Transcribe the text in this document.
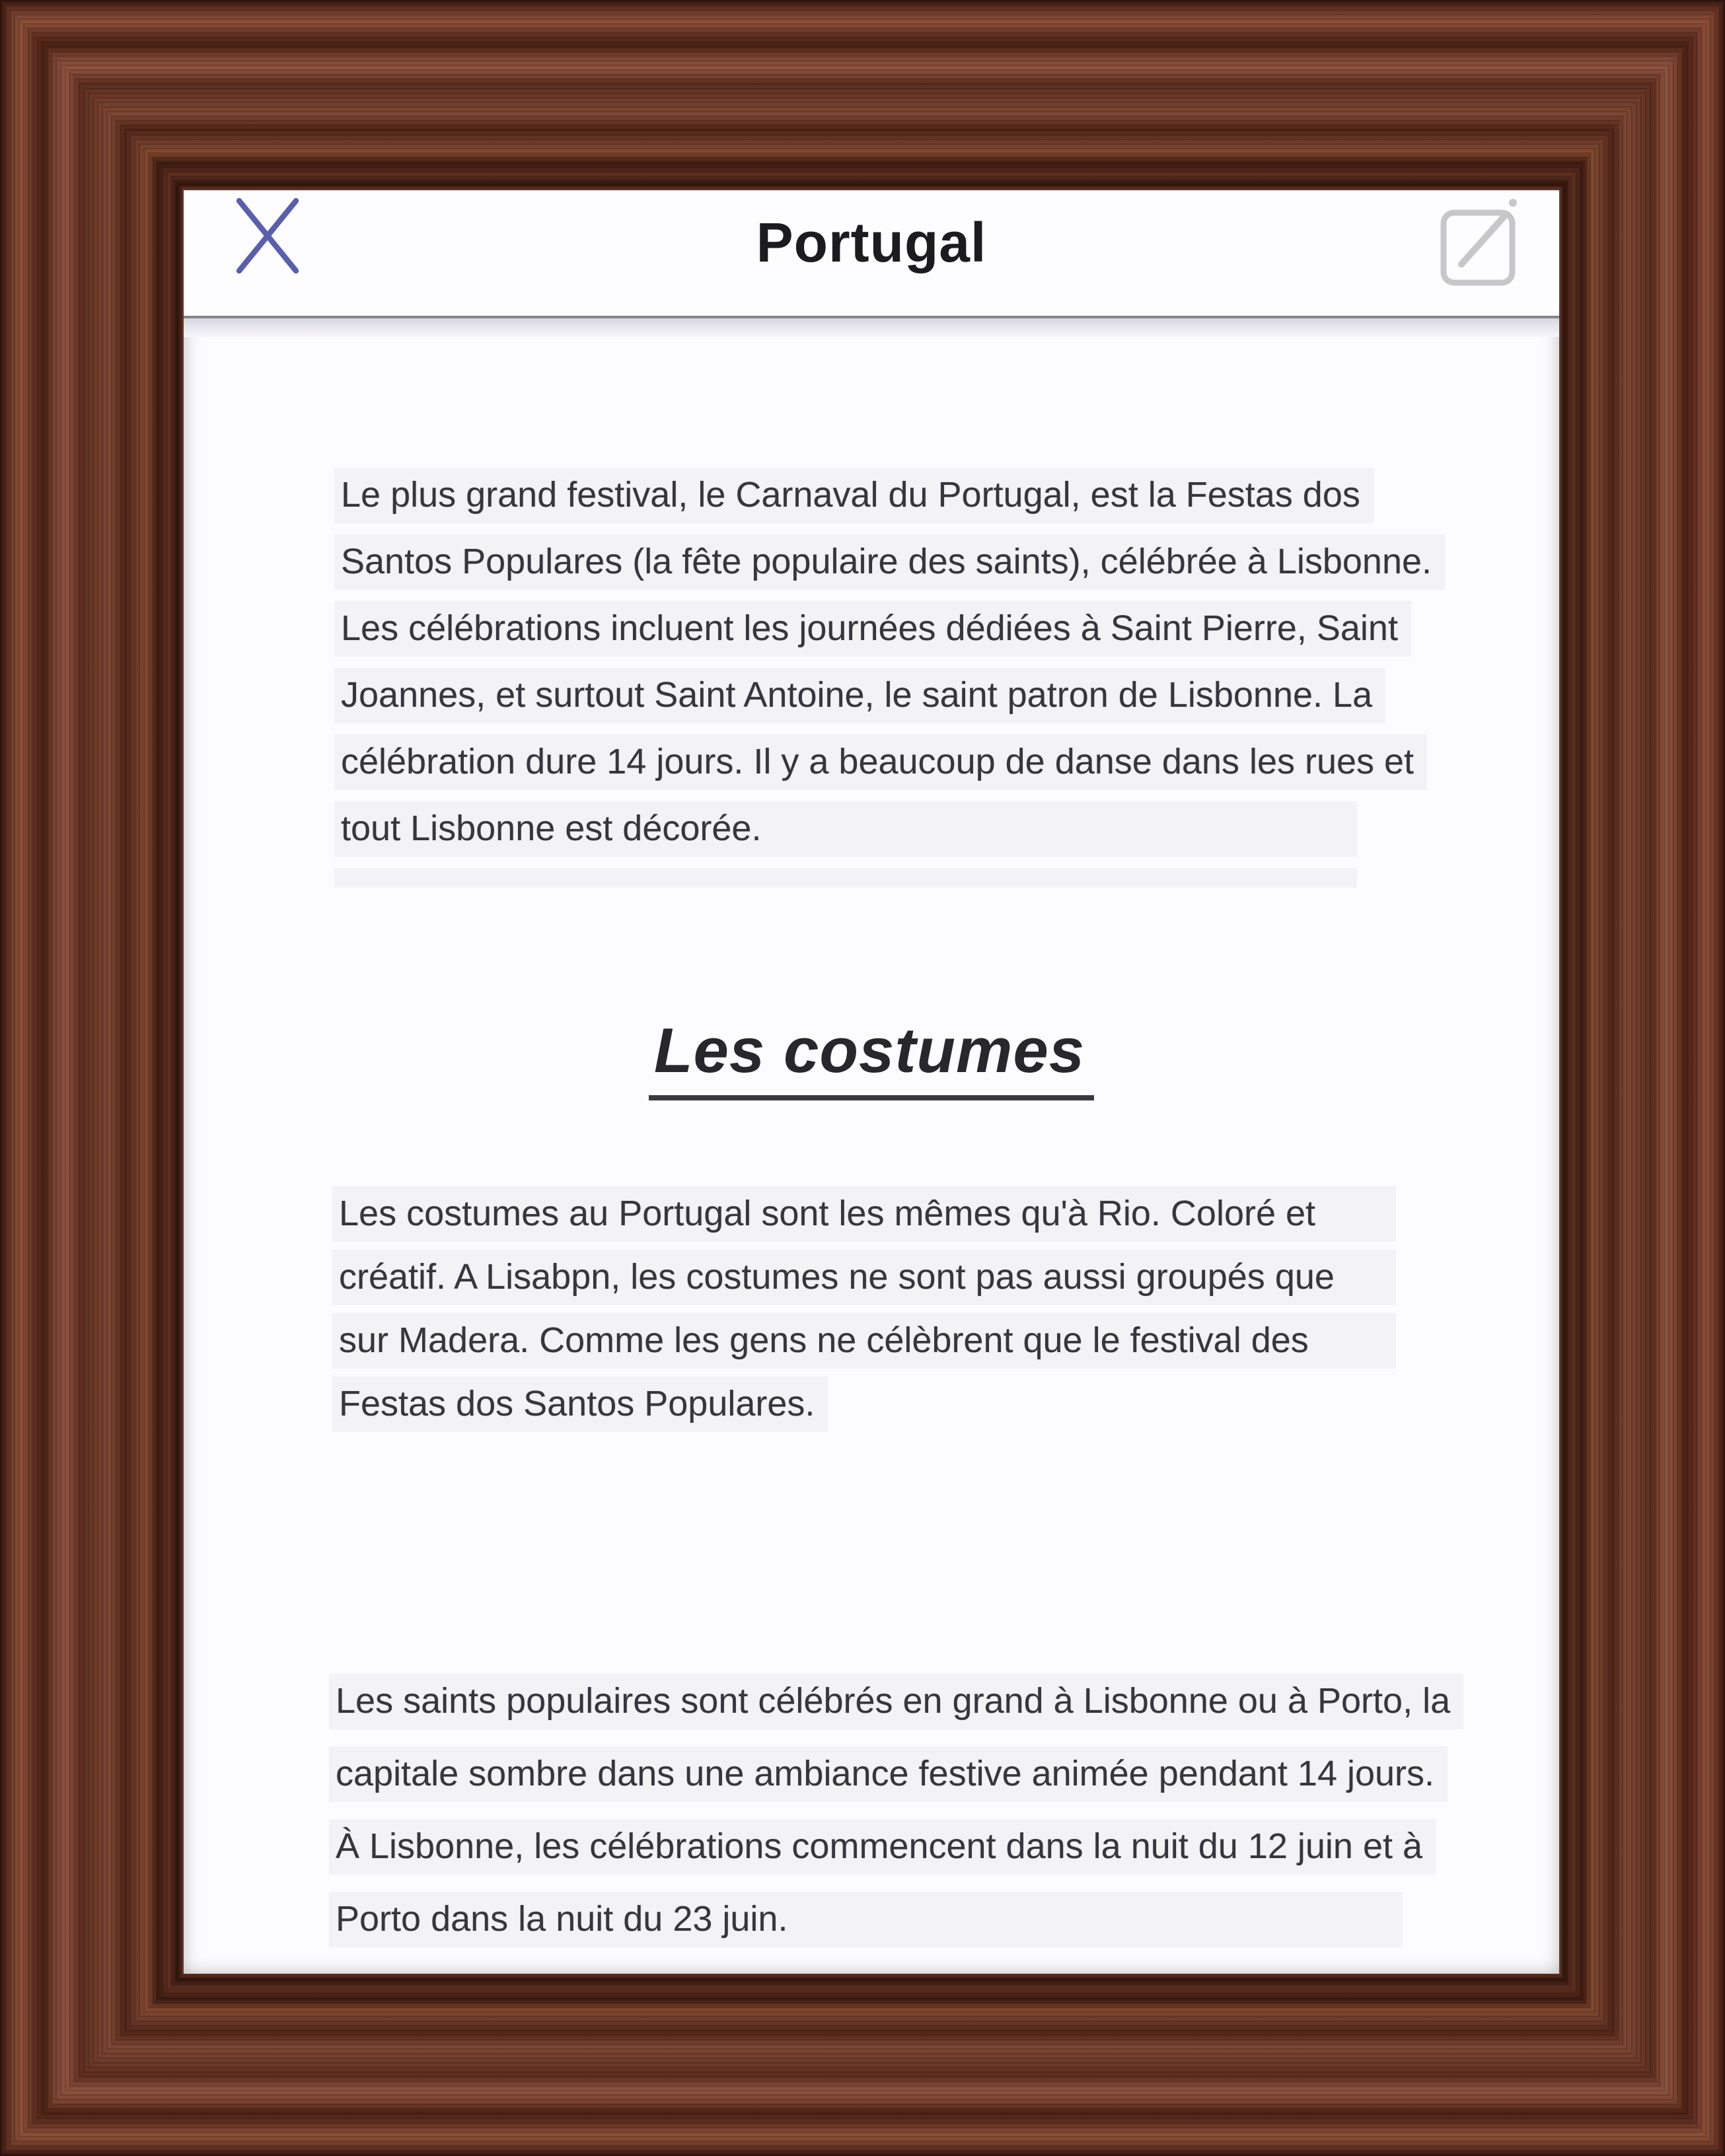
Portugal
Le plus grand festival, le Carnaval du Portugal, est la Festas dos
Santos Populares (la fête populaire des saints), célébrée à Lisbonne.
Les célébrations incluent les journées dédiées à Saint Pierre, Saint
Joannes, et surtout Saint Antoine, le saint patron de Lisbonne. La
célébration dure 14 jours. Il y a beaucoup de danse dans les rues et
tout Lisbonne est décorée.
Les costumes
Les costumes au Portugal sont les mêmes qu'à Rio. Coloré et
créatif. A Lisabpn, les costumes ne sont pas aussi groupés que
sur Madera. Comme les gens ne célèbrent que le festival des
Festas dos Santos Populares.
Les saints populaires sont célébrés en grand à Lisbonne ou à Porto, la
capitale sombre dans une ambiance festive animée pendant 14 jours.
À Lisbonne, les célébrations commencent dans la nuit du 12 juin et à
Porto dans la nuit du 23 juin.
